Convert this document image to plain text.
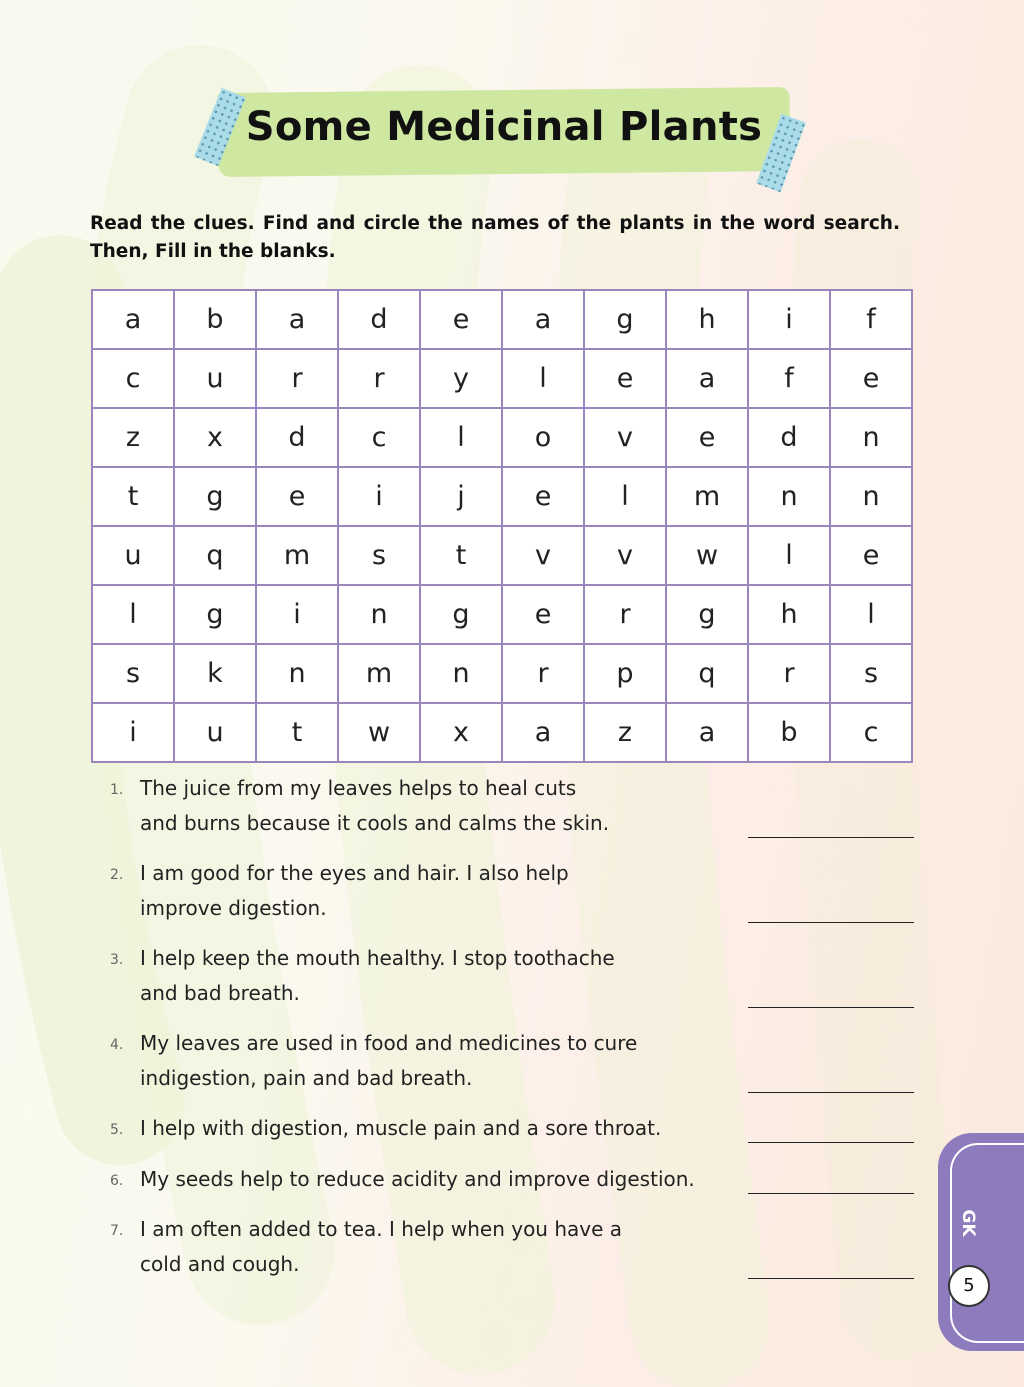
Some Medicinal Plants
Read the clues. Find and circle the names of the plants in the word search. Then, Fill in the blanks.
a	b	a	d	e	a	g	h	i	f
c	u	r	r	y	l	e	a	f	e
z	x	d	c	l	o	v	e	d	n
t	g	e	i	j	e	l	m	n	n
u	q	m	s	t	v	v	w	l	e
l	g	i	n	g	e	r	g	h	l
s	k	n	m	n	r	p	q	r	s
i	u	t	w	x	a	z	a	b	c
1. The juice from my leaves helps to heal cuts
and burns because it cools and calms the skin.
2. I am good for the eyes and hair. I also help
improve digestion.
3. I help keep the mouth healthy. I stop toothache
and bad breath.
4. My leaves are used in food and medicines to cure
indigestion, pain and bad breath.
5. I help with digestion, muscle pain and a sore throat.
6. My seeds help to reduce acidity and improve digestion.
7. I am often added to tea. I help when you have a
cold and cough.
GK
5
